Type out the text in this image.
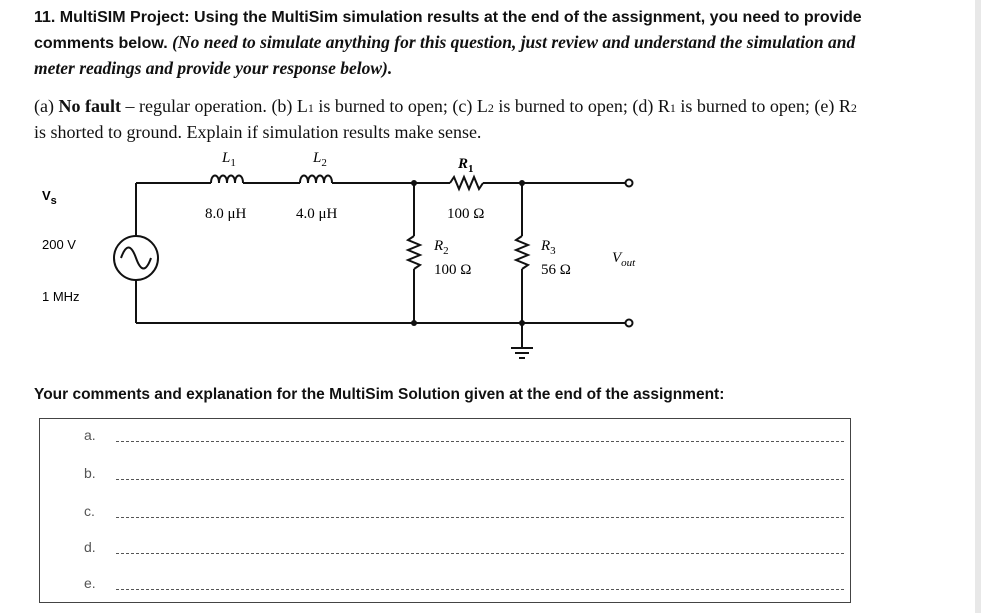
11. MultiSIM Project: Using the MultiSim simulation results at the end of the assignment, you need to provide comments below. (No need to simulate anything for this question, just review and understand the simulation and meter readings and provide your response below).
(a) No fault – regular operation. (b) L1 is burned to open; (c) L2 is burned to open; (d) R1 is burned to open; (e) R2 is shorted to ground. Explain if simulation results make sense.
$V_s$
200 V
1 MHz
$L_1$
8.0 μH
$L_2$
4.0 μH
$R_1$
100 Ω
$R_2$
100 Ω
$R_3$
56 Ω
$V_{out}$
Your comments and explanation for the MultiSim Solution given at the end of the assignment:
a.
b.
c.
d.
e.
